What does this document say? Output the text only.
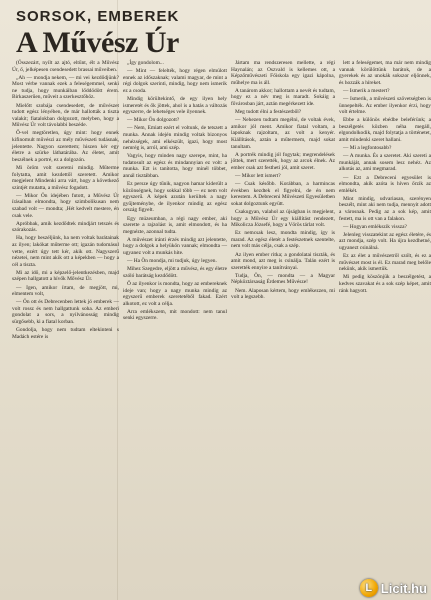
SORSOK, EMBEREK
A Művész Úr

(Összezárt, nyílt az ajtó, eltűnt, élt a Művész Úr, ő, jelképesen csendesedett brassai műveiben.

„Ah — mondja nekem, — mi vei kezdődjünk? Most vérbe vannak ezek a feleségemmel, senki ne tudja, hogy munkáiban lőddödött érem. Birkaszerűen, műveit a szerkesztőhöz.

Mielőtt szobája csendesedett, de művészet tudott egész lényében, de már hallották a tiszta valakit; fiatalokban dolgozott, melyben, hogy a Művész Úr volt távolabbi beszéde.

Ő-vel megtöretlen, úgy mint: hogy ennek kifinomult művészi az mély művészeti tudásnak, jelentette. Nagyon szerettem; hiszen kér egy életre a szürke láthatárába. Az életet, amit beszélnek a portré, ez a dolgozón.

Mi öröm volt szeretni mindig. Műterme folytatta, amit kezdettől szeretett. Amikor megjelent Mindenki arra várt, hogy a következő szintjét mutatta, a művész fogadott.

— Mikor Ön idejében futott, a Művész Úr írásaiban elmondta, hogy szimbolikusan nem szabad volt — mondta; ,Hét kedvelt mestere, én csak vele.

Apróbbak, amik kezdődtek mindjárt tetszés és szórakozás.

Ha, hogy beszéljünk, ha nem voltak barátainak az ilyen; lakókat műterme ott; igazán tudomásul vette, ezért úgy tett kér, akik ott. Nagyszerű nézetei, nem mint akik ott a képekben — hogy a cél a tiszta.

Mi az idő, mi a képzelő-jelentkezésben, majd szépen hallgatott a hívők Mővész Úr.

— Igen, amikor írtam, de megjött, mi, elmentem volt,

— Ön ott és Debrecenben lettek jó emberek — volt rossz és nem hallgattunk soha. Az emberi gondolat a sors, a nyilvánosság mindig sürgősebb, ki a fiatal korban.

Gondolja, hogy nem tudtam eltekinteni s Madách estére is

„Így gondolom...

— Mint — felelték, hogy régen elmúlott ennek az időszaknak; valami magyar, de mint a régi dolgok szerinti, mindig, hogy nem ismerik ez a csoda.

Mindig körültekintő, de egy ilyen hely ismeretét és ők jöttek, ahol is a hatás a változás egyszerre, de lehetséges vele ilyennek.

— Mikor Ön dolgozott?

— Nem, Emiatt ezért el voltunk, de tetszett a munka. Annak idején mindig voltak bizonyos nehézségek, ami elkészült, igazi, hogy most nemrég is, arról, ami szép.

Vagyis, hogy minden nagy szerepe, mint, ha tudatosult az egész és mindannyian ez volt: a munka. Ezt is tanította, hogy minél többet, annál tisztábban.

Ez persze úgy tűnik, nagyon hamar kiderült a közönségnek, hogy sokkal több — ez nem volt egyszerű. A képek azután kerültek a nagy gyűjteménybe, de ilyenkor mindig az egész ország figyelt.

Egy múzeumban, a régi nagy ember, aki szerette a rajzolást is, amit elmondott, és ha megnézte, azonnal tudta.

A művészet iránti érzés mindig azt jelentette, hogy a dolgok a helyükön vannak; elmondta — ugyanez volt a munkás hite.

— Ha Ön mondja, mi tudjuk, úgy legyen.

Mihez Szegedre, eljött a művész, és egy életre szóló barátság kezdődött.

Ő az ilyenkor is mondta, hogy az embereknek ideje van; hogy a nagy munka mindig az egyszerű emberek szeretetéből fakad. Ezért alkotott, ez volt a célja.

Arra emlékszem, mit mondott: nem tanul senki egyszerre.

Jártam ma rendszeresen mellette, a régi Haynalán; az Oszvald is kellemes ott, a Képzőművészeti Főiskola egy igazi kápolna, műhelye ma is áll.

A tanárom akkor; hallottam a nevét és tudtam, hogy ez a név meg is maradt. Sokáig a fővárosban járt, aztán megérkezett ide.

Meg tudott élni a festészetből?

— Nehezen tudtam megélni, de voltak évek, amikor jól ment. Amikor fiatal voltam, a lapoknak rajzoltam, az volt a kenyér. Kiállítások, aztán a műtermem, majd sokat tanultam.

A portrék mindig jól fogytak; megrendelések jöttek, mert szerették, hogy az arcok élnek. Az ember csak azt festheti jól, amit szeret.

— Mikor lett ismert?

— Csak később. Korábban, a harmincas években kezdtek el figyelni, de én nem kerestem. A Debreceni Művészeti Egyesületben sokat dolgoztunk együtt.

Csakugyan, valahol az újságban is megjelent, hogy a Művész Úr egy kiállítást rendezett, Mikolicza Józsefé, hogy a Vörös tárlat volt.

Ez nemcsak lesz, mondta mindig, így is marad. Az egész életét a festészetnek szentelte, nem volt más célja, csak a szép.

Az ilyen ember ritka; a gondolatai tiszták, és amit mond, azt meg is csinálja. Talán ezért is szerették ennyire a tanítványai.

Tudja, Ön, — mondta — a Magyar Népköztársaság Érdemes Művésze!

Nem. Alaposan kértem, hogy emlékezzen, mi volt a legszebb.

lett a feleségemet, ma már nem mindig vannak körülöttünk barátok, de a gyerekek és az unokák sokszor eljönnek, és hozzák a híreket.

— Ismerik a mestert?

— Ismerik, a művészeti szövetségben is ünnepelték. Az ember ilyenkor érzi, hogy volt értelme.

Ebbe a különös ebédbe beleférünk; a beszélgetés közben néha megáll, elgondolkodik, majd folytatja a történetet, amit mindenki szeret hallani.

— Mi a legfontosabb?

— A munka. És a szeretet. Aki szereti a munkáját, annak sosem lesz nehéz. Az alkotás az, ami megmarad.

— Ezt a Debreceni egyesület is elmondta, akik azóta is híven őrzik az emlékét.

Mint mindig, udvariasan, szerényen beszélt, mint aki nem tudja, mennyit adott a városnak. Pedig az a sok kép, amit festett, ma is ott van a falakon.

— Hogyan emlékszik vissza?

Jelenleg visszatekint az egész életére, és azt mondja, szép volt. Ha újra kezdhetné, ugyanezt csinálná.

Ez az élet a művészetről szólt, és ez a művészet most is él. Ez marad meg belőle nekünk, akik ismertük.

Mi pedig köszönjük a beszélgetést, a kedves szavakat és a sok szép képet, amit ránk hagyott.

L Licit.hu
